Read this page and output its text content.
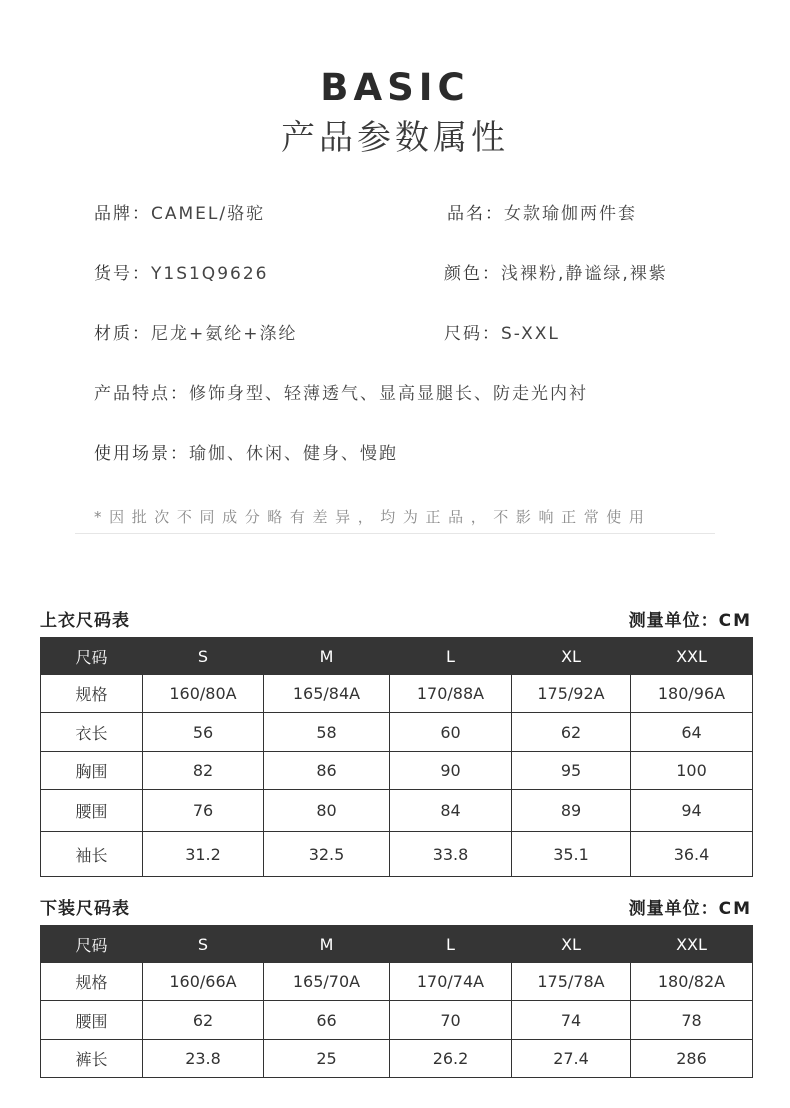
BASIC
产品参数属性
品牌：CAMEL/骆驼	品名：女款瑜伽两件套
货号：Y1S1Q9626	颜色：浅裸粉,静谧绿,裸紫
材质：尼龙+氨纶+涤纶	尺码：S-XXL
产品特点：修饰身型、轻薄透气、显高显腿长、防走光内衬
使用场景：瑜伽、休闲、健身、慢跑
*因批次不同成分略有差异，均为正品，不影响正常使用
上衣尺码表	测量单位：CM
尺码	S	M	L	XL	XXL
规格	160/80A	165/84A	170/88A	175/92A	180/96A
衣长	56	58	60	62	64
胸围	82	86	90	95	100
腰围	76	80	84	89	94
袖长	31.2	32.5	33.8	35.1	36.4
下装尺码表	测量单位：CM
尺码	S	M	L	XL	XXL
规格	160/66A	165/70A	170/74A	175/78A	180/82A
腰围	62	66	70	74	78
裤长	23.8	25	26.2	27.4	286
